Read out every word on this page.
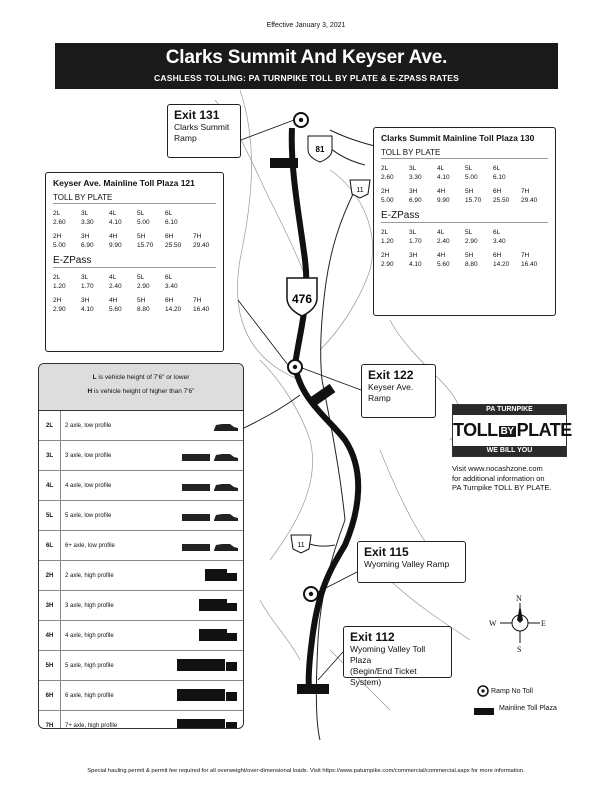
Effective January 3, 2021
Clarks Summit And Keyser Ave.
CASHLESS TOLLING: PA TURNPIKE TOLL BY PLATE & E-ZPASS RATES
81
476
11
11
N
S
E
W
Exit 131
Clarks Summit
Ramp
Exit 122
Keyser Ave.
Ramp
Exit 115
Wyoming Valley Ramp
Exit 112
Wyoming Valley Toll Plaza
(Begin/End Ticket System)
Clarks Summit Mainline Toll Plaza 130
TOLL BY PLATE
2L	3L	4L	5L	6L
2.60	3.30	4.10	5.00	6.10
2H	3H	4H	5H	6H	7H
5.00	6.90	9.90	15.70	25.50	29.40
E-ZPass
2L	3L	4L	5L	6L
1.20	1.70	2.40	2.90	3.40
2H	3H	4H	5H	6H	7H
2.90	4.10	5.60	8.80	14.20	16.40
Keyser Ave. Mainline Toll Plaza 121
TOLL BY PLATE
2L	3L	4L	5L	6L
2.60	3.30	4.10	5.00	6.10
2H	3H	4H	5H	6H	7H
5.00	6.90	9.90	15.70	25.50	29.40
E-ZPass
2L	3L	4L	5L	6L
1.20	1.70	2.40	2.90	3.40
2H	3H	4H	5H	6H	7H
2.90	4.10	5.60	8.80	14.20	16.40
L is vehicle height of 7'6" or lower
H is vehicle height of higher than 7'6"
2L	2 axle, low profile
3L	3 axle, low profile
4L	4 axle, low profile
5L	5 axle, low profile
6L	6+ axle, low profile
2H	2 axle, high profile
3H	3 axle, high profile
4H	4 axle, high profile
5H	5 axle, high profile
6H	6 axle, high profile
7H	7+ axle, high profile
PA TURNPIKE
TOLL BY PLATE
WE BILL YOU
Visit www.nocashzone.com
for additional information on
PA Turnpike TOLL BY PLATE.
Ramp No Toll
Mainline Toll Plaza
Special hauling permit & permit fee required for all overweight/over-dimensional loads. Visit https://www.paturnpike.com/commercial/commercial.aspx for more information.
